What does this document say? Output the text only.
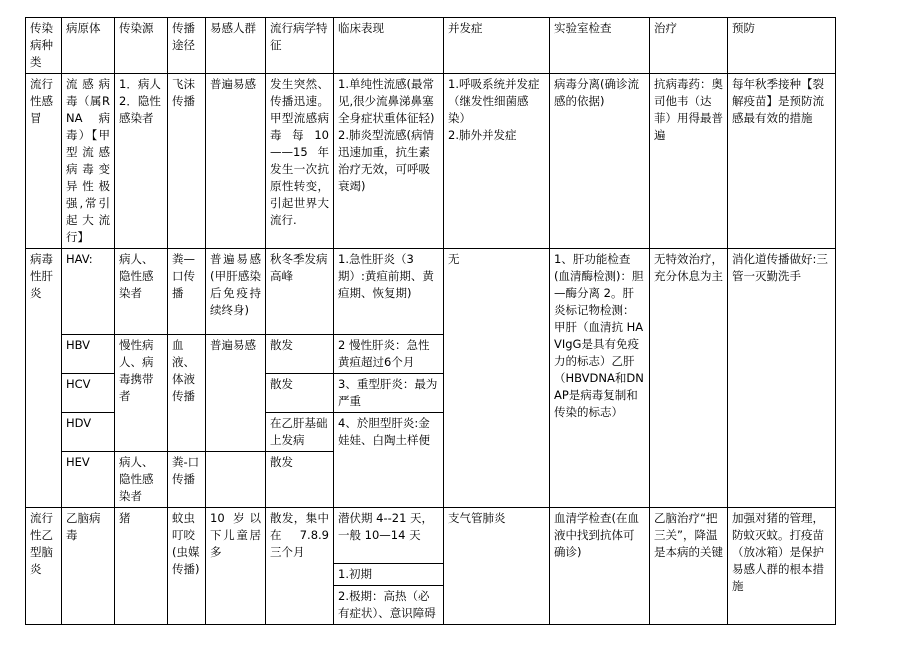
传染病种类	病原体	传染源	传播途径	易感人群	流行病学特征	临床表现	并发症	实验室检查	治疗	预防
流行性感冒	流感病毒（属RNA病毒）【甲型流感病毒变异性极强,常引起大流行】	1．病人2．隐性感染者	飞沫传播	普遍易感	发生突然、传播迅速。甲型流感病毒每10——15年发生一次抗原性转变，引起世界大流行.	1.单纯性流感(最常见,很少流鼻涕鼻塞全身症状重体征轻)
2.肺炎型流感(病情迅速加重，抗生素治疗无效，可呼吸衰竭)	1.呼吸系统并发症（继发性细菌感染）
2.肺外并发症	病毒分离(确诊流感的依据)	抗病毒药：奥司他韦（达菲）用得最普遍	每年秋季接种【裂解疫苗】是预防流感最有效的措施
病毒性肝炎	HAV:	病人、隐性感染者	粪—口传播	普遍易感(甲肝感染后免疫持续终身)	秋冬季发病高峰	1.急性肝炎（3期）:黄疸前期、黄疸期、恢复期)	无	1、肝功能检查(血清酶检测)：胆—酶分离 2。肝炎标记物检测：甲肝（血清抗 HAVIgG是具有免疫力的标志）乙肝（HBVDNA和DNAP是病毒复制和传染的标志）	无特效治疗，充分休息为主	消化道传播做好:三管一灭勤洗手
	HBV	慢性病人、病毒携带者	血液、体液传播	普遍易感	散发	2 慢性肝炎：急性黄疸超过6个月				
	HCV				散发	3、重型肝炎：最为严重				
	HDV				在乙肝基础上发病	4、於胆型肝炎:金娃娃、白陶土样便				
	HEV	病人、隐性感染者	粪-口传播		散发					
流行性乙型脑炎	乙脑病毒	猪	蚊虫叮咬(虫媒传播)	10 岁以下儿童居多	散发，集中在 7.8.9 三个月	潜伏期 4--21 天，一般 10—14 天	支气管肺炎	血清学检查(在血液中找到抗体可确诊)	乙脑治疗“把三关”，降温是本病的关键	加强对猪的管理，防蚊灭蚊。打疫苗（放冰箱）是保护易感人群的根本措施
						1.初期				
						2.极期：高热（必有症状）、意识障碍				
